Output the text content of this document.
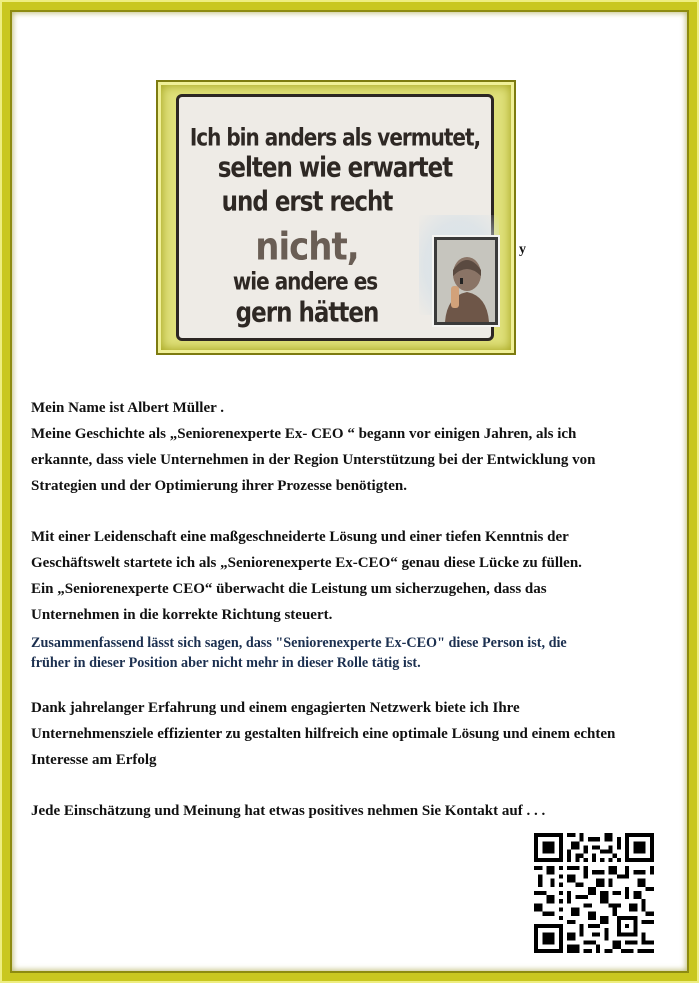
Ich bin anders als vermutet,
selten wie erwartet
und erst recht
nicht,
wie andere es
gern hätten
y

Mein Name ist Albert Müller .

Meine Geschichte als „Seniorenexperte Ex- CEO “ begann vor einigen Jahren, als ich

erkannte, dass viele Unternehmen in der Region Unterstützung bei der Entwicklung von

Strategien und der Optimierung ihrer Prozesse benötigten.

Mit einer Leidenschaft eine maßgeschneiderte Lösung und einer tiefen Kenntnis der

Geschäftswelt startete ich als „Seniorenexperte Ex-CEO“ genau diese Lücke zu füllen.

Ein „Seniorenexperte CEO“ überwacht die Leistung um sicherzugehen, dass das

Unternehmen in die korrekte Richtung steuert.

Zusammenfassend lässt sich sagen, dass "Seniorenexperte Ex-CEO" diese Person ist, die

früher in dieser Position aber nicht mehr in dieser Rolle tätig ist.

Dank jahrelanger Erfahrung und einem engagierten Netzwerk biete ich Ihre

Unternehmensziele effizienter zu gestalten hilfreich eine optimale Lösung und einem echten

Interesse am Erfolg

Jede Einschätzung und Meinung hat etwas positives nehmen Sie Kontakt auf . . .
